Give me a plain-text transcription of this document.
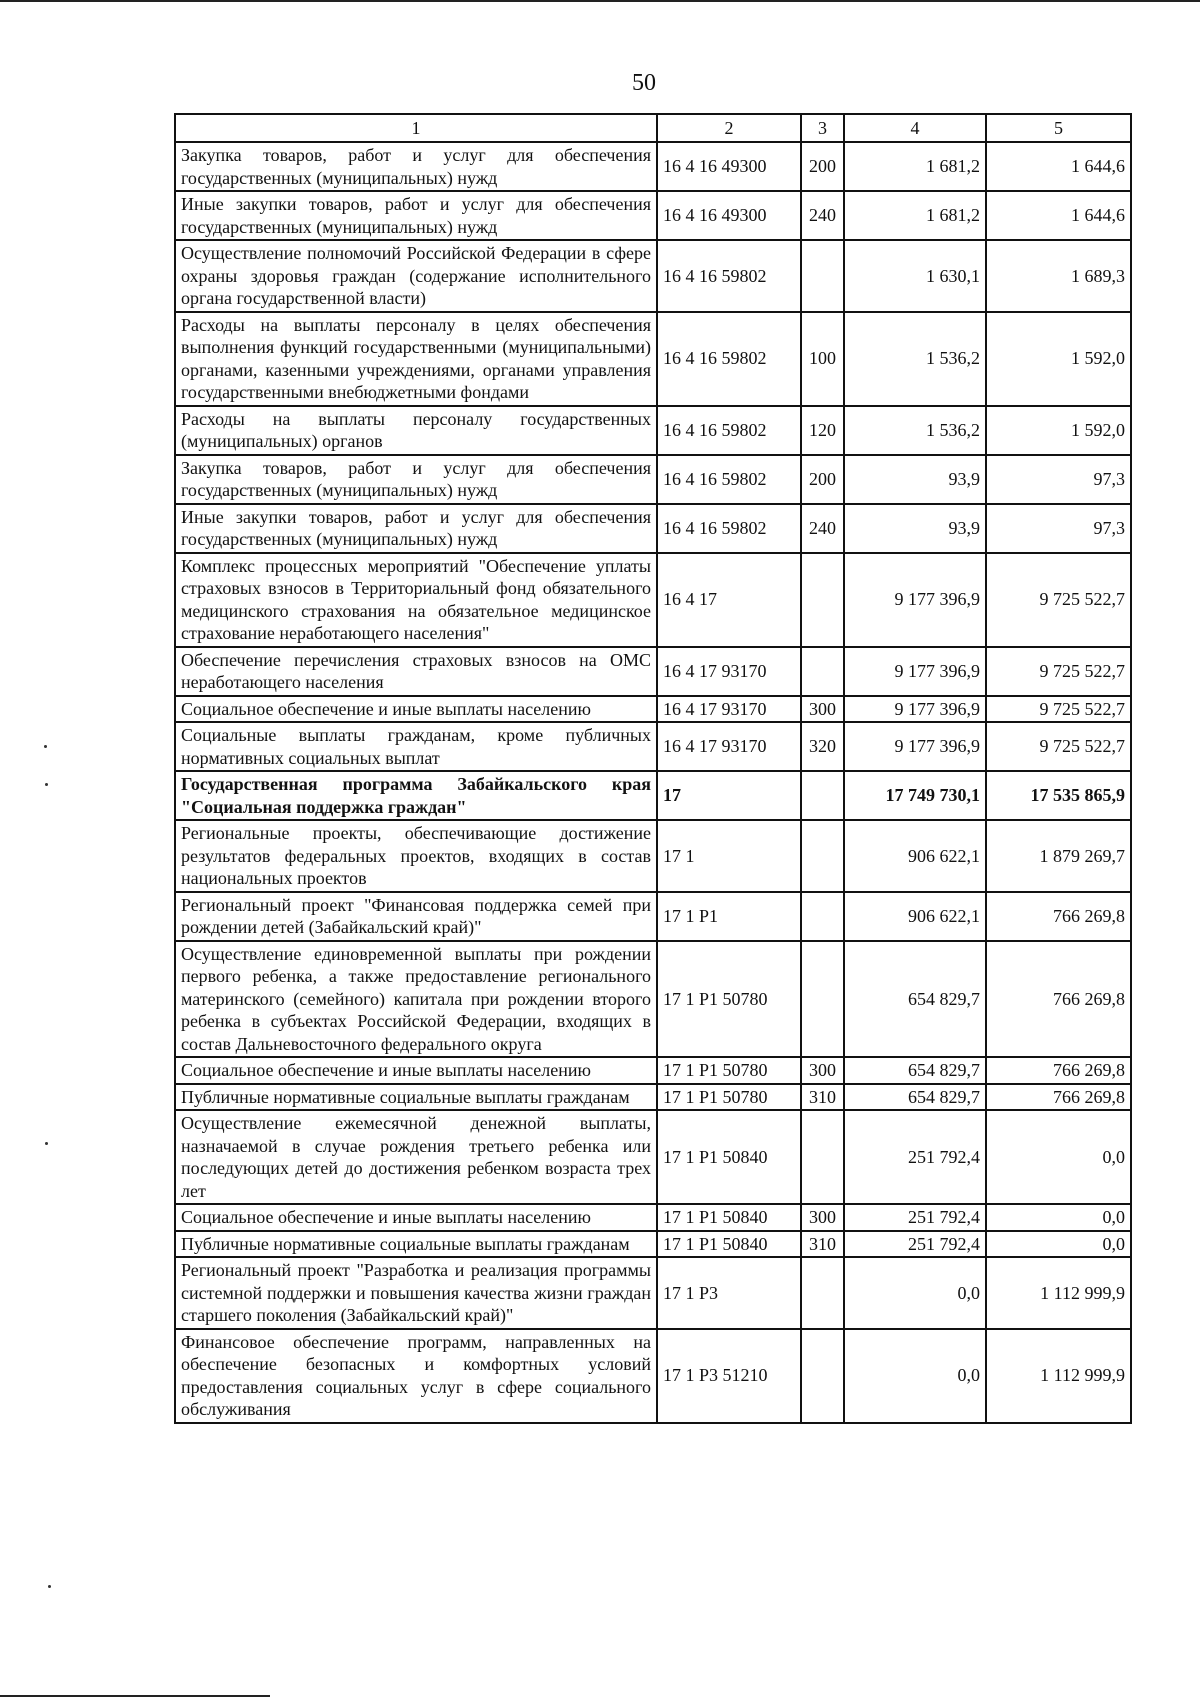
50
1	2	3	4	5
Закупка товаров, работ и услуг для обеспечения государственных (муниципальных) нужд	16 4 16 49300	200	1 681,2	1 644,6
Иные закупки товаров, работ и услуг для обеспечения государственных (муниципальных) нужд	16 4 16 49300	240	1 681,2	1 644,6
Осуществление полномочий Российской Федерации в сфере охраны здоровья граждан (содержание исполнительного органа государственной власти)	16 4 16 59802		1 630,1	1 689,3
Расходы на выплаты персоналу в целях обеспечения выполнения функций государственными (муниципальными) органами, казенными учреждениями, органами управления государственными внебюджетными фондами	16 4 16 59802	100	1 536,2	1 592,0
Расходы на выплаты персоналу государственных (муниципальных) органов	16 4 16 59802	120	1 536,2	1 592,0
Закупка товаров, работ и услуг для обеспечения государственных (муниципальных) нужд	16 4 16 59802	200	93,9	97,3
Иные закупки товаров, работ и услуг для обеспечения государственных (муниципальных) нужд	16 4 16 59802	240	93,9	97,3
Комплекс процессных мероприятий "Обеспечение уплаты страховых взносов в Территориальный фонд обязательного медицинского страхования на обязательное медицинское страхование неработающего населения"	16 4 17		9 177 396,9	9 725 522,7
Обеспечение перечисления страховых взносов на ОМС неработающего населения	16 4 17 93170		9 177 396,9	9 725 522,7
Социальное обеспечение и иные выплаты населению	16 4 17 93170	300	9 177 396,9	9 725 522,7
Социальные выплаты гражданам, кроме публичных нормативных социальных выплат	16 4 17 93170	320	9 177 396,9	9 725 522,7
Государственная программа Забайкальского края "Социальная поддержка граждан"	17		17 749 730,1	17 535 865,9
Региональные проекты, обеспечивающие достижение результатов федеральных проектов, входящих в состав национальных проектов	17 1		906 622,1	1 879 269,7
Региональный проект "Финансовая поддержка семей при рождении детей (Забайкальский край)"	17 1 P1		906 622,1	766 269,8
Осуществление единовременной выплаты при рождении первого ребенка, а также предоставление регионального материнского (семейного) капитала при рождении второго ребенка в субъектах Российской Федерации, входящих в состав Дальневосточного федерального округа	17 1 P1 50780		654 829,7	766 269,8
Социальное обеспечение и иные выплаты населению	17 1 P1 50780	300	654 829,7	766 269,8
Публичные нормативные социальные выплаты гражданам	17 1 P1 50780	310	654 829,7	766 269,8
Осуществление ежемесячной денежной выплаты, назначаемой в случае рождения третьего ребенка или последующих детей до достижения ребенком возраста трех лет	17 1 P1 50840		251 792,4	0,0
Социальное обеспечение и иные выплаты населению	17 1 P1 50840	300	251 792,4	0,0
Публичные нормативные социальные выплаты гражданам	17 1 P1 50840	310	251 792,4	0,0
Региональный проект "Разработка и реализация программы системной поддержки и повышения качества жизни граждан старшего поколения (Забайкальский край)"	17 1 P3		0,0	1 112 999,9
Финансовое обеспечение программ, направленных на обеспечение безопасных и комфортных условий предоставления социальных услуг в сфере социального обслуживания	17 1 P3 51210		0,0	1 112 999,9
